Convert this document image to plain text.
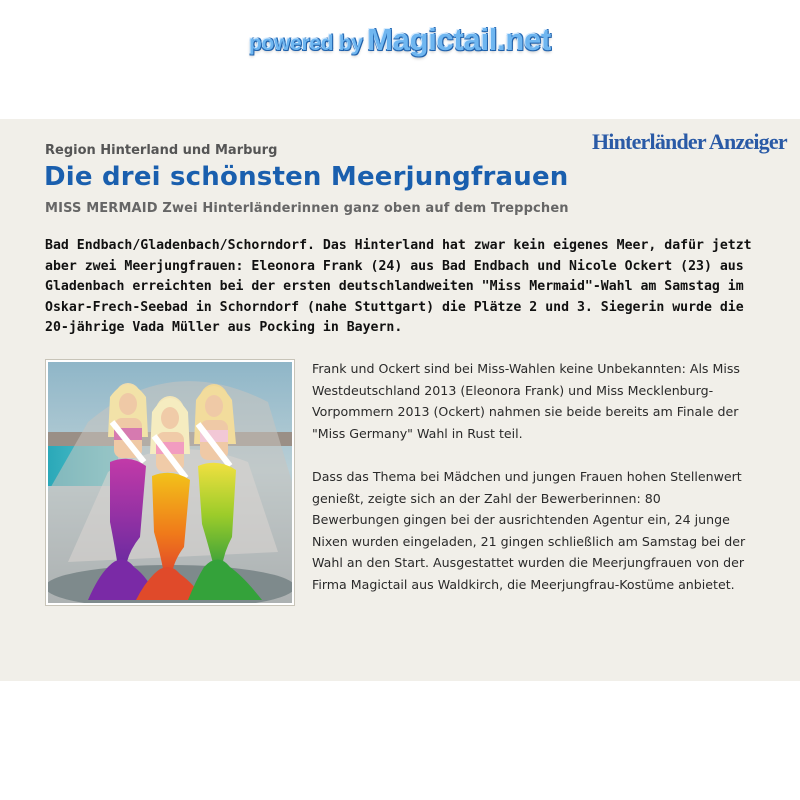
powered by Magictail.net
Hinterländer Anzeiger
Region Hinterland und Marburg
Die drei schönsten Meerjungfrauen
MISS MERMAID Zwei Hinterländerinnen ganz oben auf dem Treppchen

Bad Endbach/Gladenbach/Schorndorf. Das Hinterland hat zwar kein eigenes Meer, dafür jetzt aber zwei Meerjungfrauen: Eleonora Frank (24) aus Bad Endbach und Nicole Ockert (23) aus Gladenbach erreichten bei der ersten deutschlandweiten "Miss Mermaid"-Wahl am Samstag im Oskar-Frech-Seebad in Schorndorf (nahe Stuttgart) die Plätze 2 und 3. Siegerin wurde die 20-jährige Vada Müller aus Pocking in Bayern.

Frank und Ockert sind bei Miss-Wahlen keine Unbekannten: Als Miss Westdeutschland 2013 (Eleonora Frank) und Miss Mecklenburg-Vorpommern 2013 (Ockert) nahmen sie beide bereits am Finale der "Miss Germany" Wahl in Rust teil.

Dass das Thema bei Mädchen und jungen Frauen hohen Stellenwert genießt, zeigte sich an der Zahl der Bewerberinnen: 80 Bewerbungen gingen bei der ausrichtenden Agentur ein, 24 junge Nixen wurden eingeladen, 21 gingen schließlich am Samstag bei der Wahl an den Start. Ausgestattet wurden die Meerjungfrauen von der Firma Magictail aus Waldkirch, die Meerjungfrau-Kostüme anbietet.
